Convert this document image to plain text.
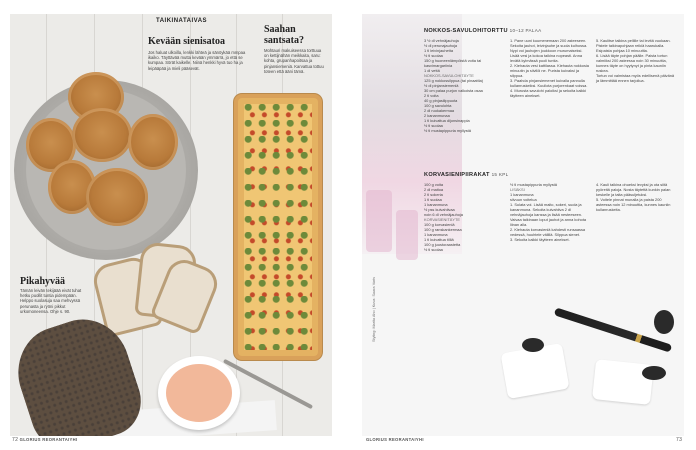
TAIKINATAIVAS
Kevään sienisatoa
Jos haluat ulkoilla, lenkki lähteä ja sänöykää mmpaa ikaiko. Täyttävää mutta kevään ymmärrä, jo että se kumpaa. Sörät kaikelle. Niinä henkki hyvä tuo ha ja leipääpää ja mieli pääsevät.
Saahan santsata?
Mohtauri makuiseessa torttuua on kettijnähän meikkaita, saru: kohta, grupanhapoitsaa ja pinjansiemeniä. Karvattua tottuu toteen että ääni tämä.
Pikahyvää
Tämän leivän tekijäää eivät tuhat hetku puollit tuntia pidempään. Helppo suolasuja saa mehvyssä perunasta ja ryöni pikkut urkomoneensa. Ohje s. 90.
72 GLORIUS REORANTAIYHI
NOKKOS-SAVULOHITORTTU 10–12 PALAA
3 ½ dl vehnäjauhoja
½ dl perunajauhoja
1 tl leivinjauhetta
½ tl suolaa
150 g huoneenlämpöistä voita tai kasvimargariinia
1 dl vettä
NOKKOS-SAVULOHITÄYTE
125 g nokkossilppua (tai pinaattia)
½ dl pinjansiemeniä
30 cm palaa purjon valkoista osaa
2 tl voita
40 g pinjasilippuota
100 g savulohta
2 dl ruokakermaa
2 kananmunaa
1 tl kuivattua dijonsinappia
½ tl suolaa
½ tl mustapippuria myllystä
1. Pane uuni kuumenemaan 200 asteeseen. Sekoita jauhot, leivinjauhe ja suola kulhossa. Nypi voi jauhojen joukkoon murumaiseksi. Lisää vesi ja kokoa taikina nopeasti. Anna levätä kylmässä puoli tuntia.
2. Kiehauta vesi kattilassa. Kiehauta nokkosia minuutin ja siivilöi ne. Purista kuivaksi ja silppua.
3. Paahda pinjansiemenet kuivalla pannulla kullanruskeiksi. Kuullota purjorenkaat voissa.
4. Murusta savulohi paloiksi ja sekoita kaikki täytteen ainekset.
5. Kaulitse taikina pellille tai levitä vuokaan. Pistele taikinapohjaan reikiä haarukalla. Esipaista pohjaa 10 minuuttia.
6. Lisää täyte pohjan päälle. Paista tortun valmiiksi 200 asteessa noin 30 minuuttia, kunnes täyte on hyytynyt ja pinta kauniin ruskea.
Tortun voi valmistaa myös edellisenä päivänä ja lämmittää ennen tarjoilua.
KORVASIENIPIIRAKAT 15 KPL
100 g voita
2 dl maitoa
2 tl sokeria
1 tl suolaa
1 kananmuna
½ pss kuivahiivaa
noin 6 dl vehnäjauhoja
KORVASIENITÄYTE
100 g korvasieniä
100 g ranskankermaa
1 kananmuna
1 tl kuivattua tilliä
100 g juustoraastetta
½ tl suolaa
½ tl mustapippuria myllystä
LISÄKSI
1 kananmuna
siivuun voitelua
1. Sulata voi. Lisää maito, sokeri, suola ja kananmuna. Sekoita kuivahiiva 2 dl vehnäjauhoja kanssa ja lisää nesteeseen. Vaivaa taikinaan loput jauhot ja anna kohota liinan alla.
2. Kiehauta korvasieniä kahdesti runsaassa vedessä, huuhtele välillä. Silppua sienet.
3. Sekoita kaikki täytteen ainekset.
4. Kauli taikina ohueksi levyksi ja ota siitä pyöreitä paloja. Nosta täytettä kunkin palan keskelle ja taita pääsuljetuksi.
5. Voitele pinnat munalla ja paista 200 asteessa noin 12 minuuttia, kunnes kauniin kullanruskeita.
Styling: Marita Aho | Kuva: Saara Varis
GLORIUS REORANTAIYHI	73
